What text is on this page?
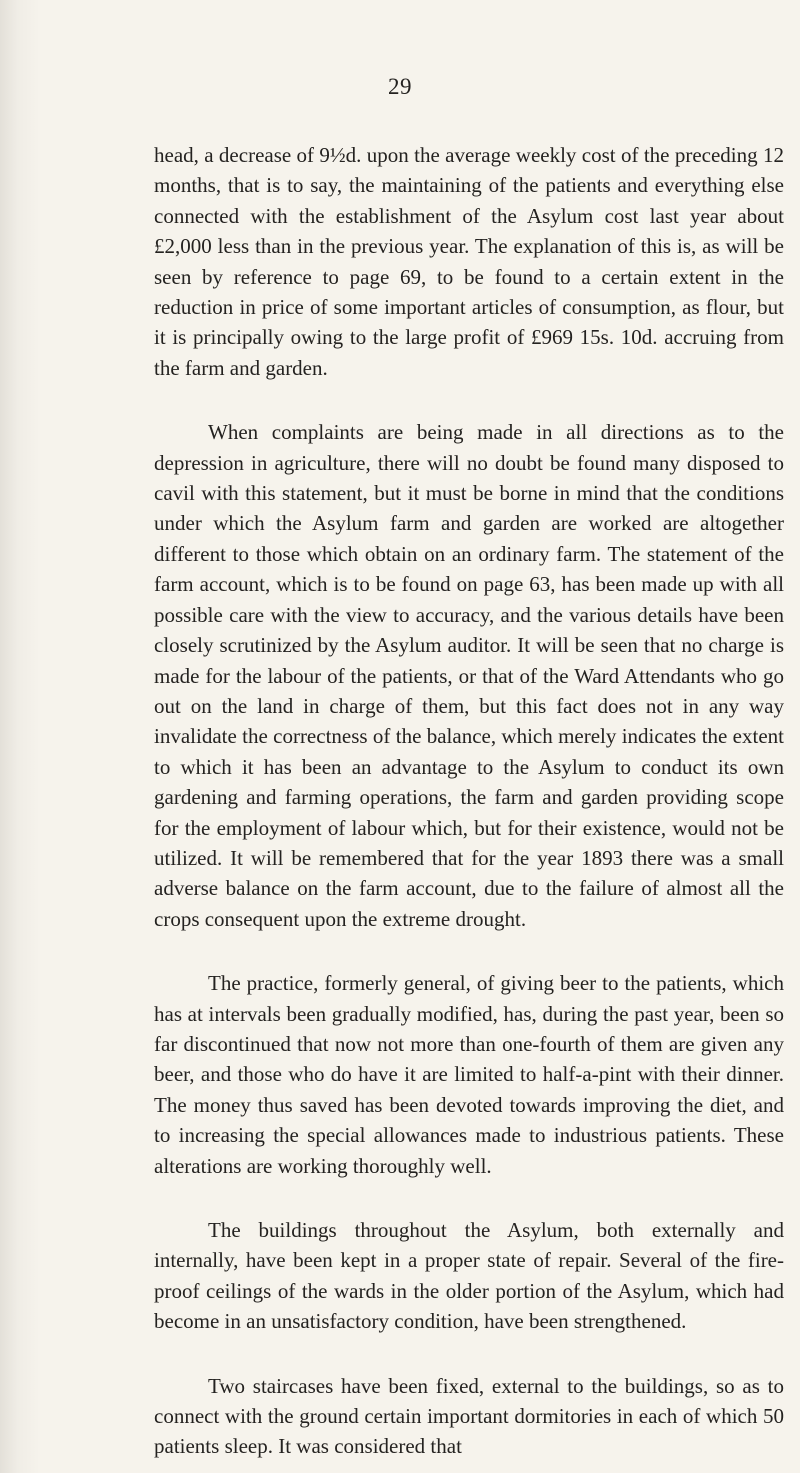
29

head, a decrease of 9½d. upon the average weekly cost of the preceding 12 months, that is to say, the maintaining of the patients and everything else connected with the establishment of the Asylum cost last year about £2,000 less than in the previous year. The explanation of this is, as will be seen by reference to page 69, to be found to a certain extent in the reduction in price of some important articles of consumption, as flour, but it is principally owing to the large profit of £969 15s. 10d. accruing from the farm and garden.

When complaints are being made in all directions as to the depression in agriculture, there will no doubt be found many disposed to cavil with this statement, but it must be borne in mind that the conditions under which the Asylum farm and garden are worked are altogether different to those which obtain on an ordinary farm. The statement of the farm account, which is to be found on page 63, has been made up with all possible care with the view to accuracy, and the various details have been closely scrutinized by the Asylum auditor. It will be seen that no charge is made for the labour of the patients, or that of the Ward Attendants who go out on the land in charge of them, but this fact does not in any way invalidate the correctness of the balance, which merely indicates the extent to which it has been an advantage to the Asylum to conduct its own gardening and farming operations, the farm and garden providing scope for the employment of labour which, but for their existence, would not be utilized. It will be remembered that for the year 1893 there was a small adverse balance on the farm account, due to the failure of almost all the crops consequent upon the extreme drought.

The practice, formerly general, of giving beer to the patients, which has at intervals been gradually modified, has, during the past year, been so far discontinued that now not more than one-fourth of them are given any beer, and those who do have it are limited to half-a-pint with their dinner. The money thus saved has been devoted towards improving the diet, and to increasing the special allowances made to industrious patients. These alterations are working thoroughly well.

The buildings throughout the Asylum, both externally and internally, have been kept in a proper state of repair. Several of the fire-proof ceilings of the wards in the older portion of the Asylum, which had become in an unsatisfactory condition, have been strengthened.

Two staircases have been fixed, external to the buildings, so as to connect with the ground certain important dormitories in each of which 50 patients sleep. It was considered that
